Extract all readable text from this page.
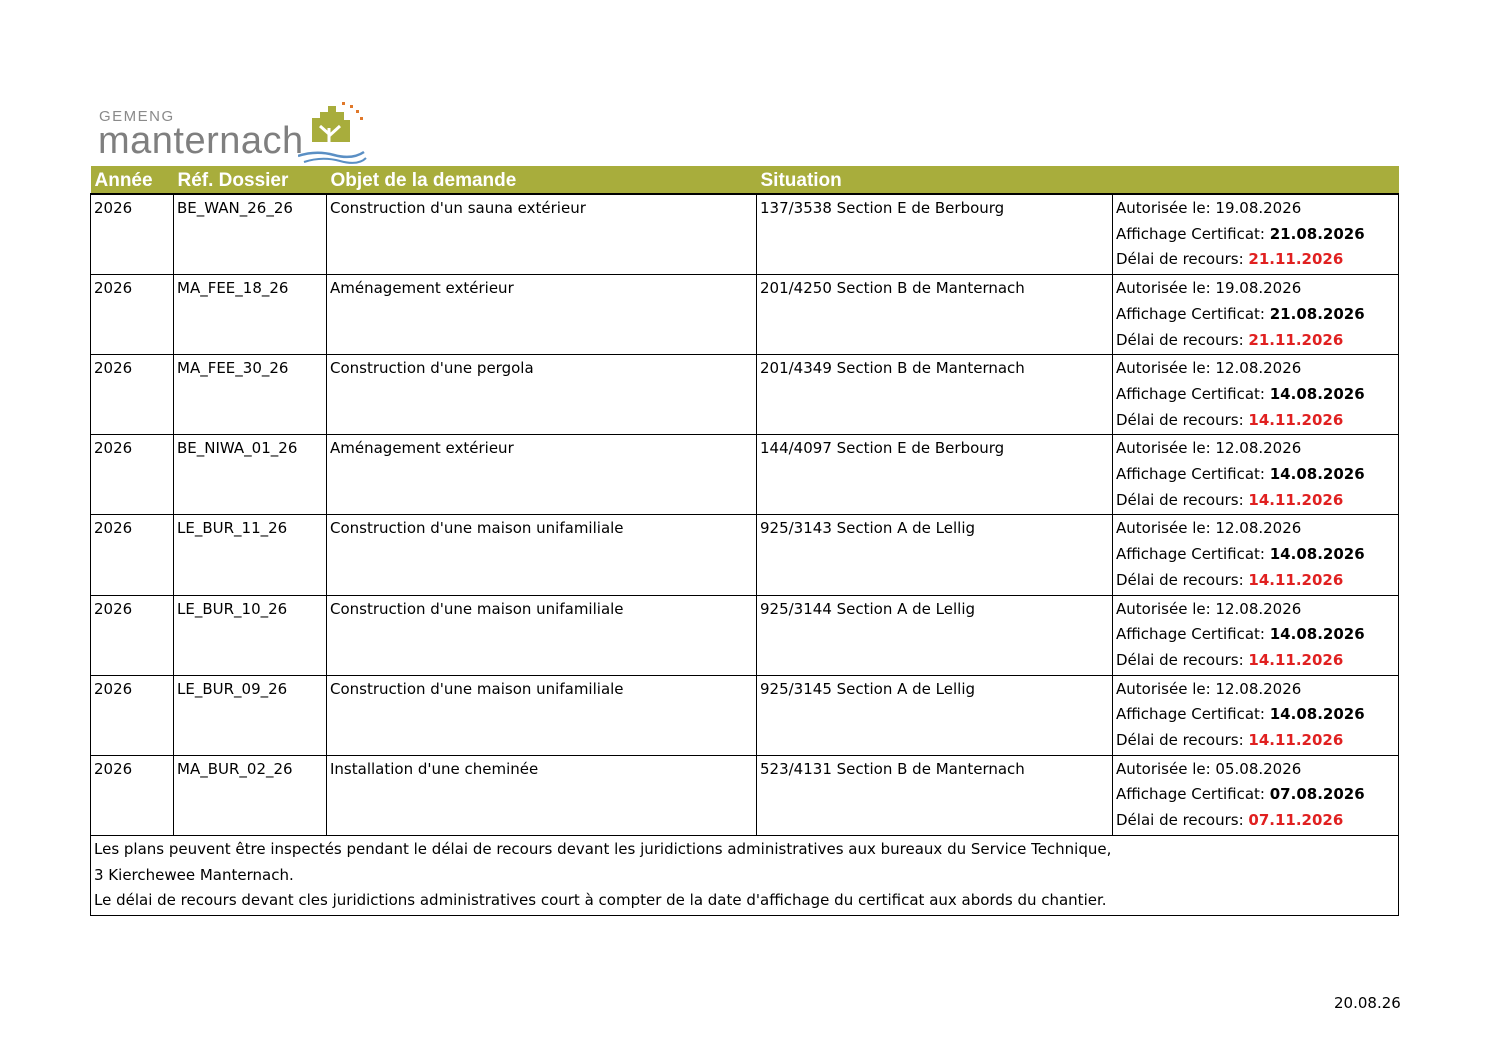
GEMENG
manternach
Année	Réf. Dossier	Objet de la demande	Situation	
2026	BE_WAN_26_26	Construction d'un sauna extérieur	137/3538 Section E de Berbourg	Autorisée le: 19.08.2026
Affichage Certificat: 21.08.2026
Délai de recours: 21.11.2026

2026	MA_FEE_18_26	Aménagement extérieur	201/4250 Section B de Manternach	Autorisée le: 19.08.2026
Affichage Certificat: 21.08.2026
Délai de recours: 21.11.2026

2026	MA_FEE_30_26	Construction d'une pergola	201/4349 Section B de Manternach	Autorisée le: 12.08.2026
Affichage Certificat: 14.08.2026
Délai de recours: 14.11.2026

2026	BE_NIWA_01_26	Aménagement extérieur	144/4097 Section E de Berbourg	Autorisée le: 12.08.2026
Affichage Certificat: 14.08.2026
Délai de recours: 14.11.2026

2026	LE_BUR_11_26	Construction d'une maison unifamiliale	925/3143 Section A de Lellig	Autorisée le: 12.08.2026
Affichage Certificat: 14.08.2026
Délai de recours: 14.11.2026

2026	LE_BUR_10_26	Construction d'une maison unifamiliale	925/3144 Section A de Lellig	Autorisée le: 12.08.2026
Affichage Certificat: 14.08.2026
Délai de recours: 14.11.2026

2026	LE_BUR_09_26	Construction d'une maison unifamiliale	925/3145 Section A de Lellig	Autorisée le: 12.08.2026
Affichage Certificat: 14.08.2026
Délai de recours: 14.11.2026

2026	MA_BUR_02_26	Installation d'une cheminée	523/4131 Section B de Manternach	Autorisée le: 05.08.2026
Affichage Certificat: 07.08.2026
Délai de recours: 07.11.2026

Les plans peuvent être inspectés pendant le délai de recours devant les juridictions administratives aux bureaux du Service Technique,
3 Kierchewee Manternach.
Le délai de recours devant cles juridictions administratives court à compter de la date d'affichage du certificat aux abords du chantier.				
20.08.26
